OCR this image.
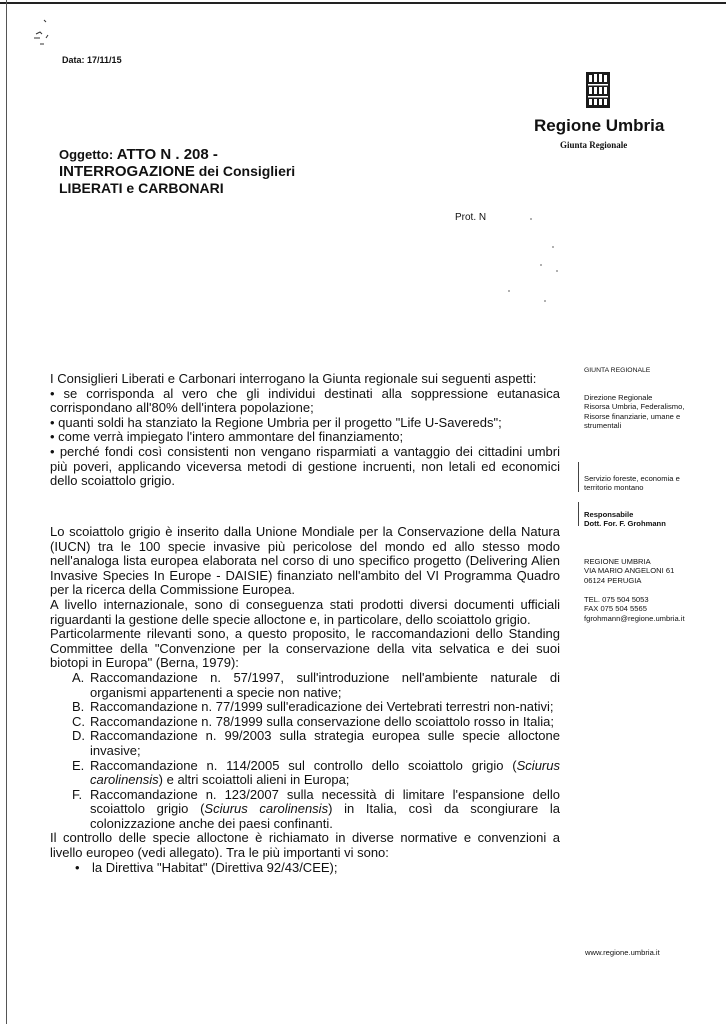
Data: 17/11/15
Regione Umbria
Giunta Regionale
Oggetto: ATTO N . 208 -
INTERROGAZIONE dei Consiglieri
LIBERATI e CARBONARI
Prot. N

I Consiglieri Liberati e Carbonari interrogano la Giunta regionale sui seguenti aspetti:

• se corrisponda al vero che gli individui destinati alla soppressione eutanasica corrispondano all'80% dell'intera popolazione;

• quanti soldi ha stanziato la Regione Umbria per il progetto "Life U-Savereds";

• come verrà impiegato l'intero ammontare del finanziamento;

• perché fondi così consistenti non vengano risparmiati a vantaggio dei cittadini umbri più poveri, applicando viceversa metodi di gestione incruenti, non letali ed economici dello scoiattolo grigio.

Lo scoiattolo grigio è inserito dalla Unione Mondiale per la Conservazione della Natura (IUCN) tra le 100 specie invasive più pericolose del mondo ed allo stesso modo nell'analoga lista europea elaborata nel corso di uno specifico progetto (Delivering Alien Invasive Species In Europe - DAISIE) finanziato nell'ambito del VI Programma Quadro per la ricerca della Commissione Europea.

A livello internazionale, sono di conseguenza stati prodotti diversi documenti ufficiali riguardanti la gestione delle specie alloctone e, in particolare, dello scoiattolo grigio.

Particolarmente rilevanti sono, a questo proposito, le raccomandazioni dello Standing Committee della "Convenzione per la conservazione della vita selvatica e dei suoi biotopi in Europa" (Berna, 1979):

A. Raccomandazione n. 57/1997, sull'introduzione nell'ambiente naturale di organismi appartenenti a specie non native;
B. Raccomandazione n. 77/1999 sull'eradicazione dei Vertebrati terrestri non-nativi;
C. Raccomandazione n. 78/1999 sulla conservazione dello scoiattolo rosso in Italia;
D. Raccomandazione n. 99/2003 sulla strategia europea sulle specie alloctone invasive;
E. Raccomandazione n. 114/2005 sul controllo dello scoiattolo grigio (Sciurus carolinensis) e altri scoiattoli alieni in Europa;
F. Raccomandazione n. 123/2007 sulla necessità di limitare l'espansione dello scoiattolo grigio (Sciurus carolinensis) in Italia, così da scongiurare la colonizzazione anche dei paesi confinanti.

Il controllo delle specie alloctone è richiamato in diverse normative e convenzioni a livello europeo (vedi allegato). Tra le più importanti vi sono:

• la Direttiva "Habitat" (Direttiva 92/43/CEE);
GIUNTA REGIONALE
Direzione Regionale
Risorsa Umbria, Federalismo,
Risorse finanziarie, umane e
strumentali
Servizio foreste, economia e
territorio montano
Responsabile
Dott. For. F. Grohmann
REGIONE UMBRIA
VIA MARIO ANGELONI 61
06124 PERUGIA
TEL. 075 504 5053
FAX 075 504 5565
fgrohmann@regione.umbria.it
www.regione.umbria.it
